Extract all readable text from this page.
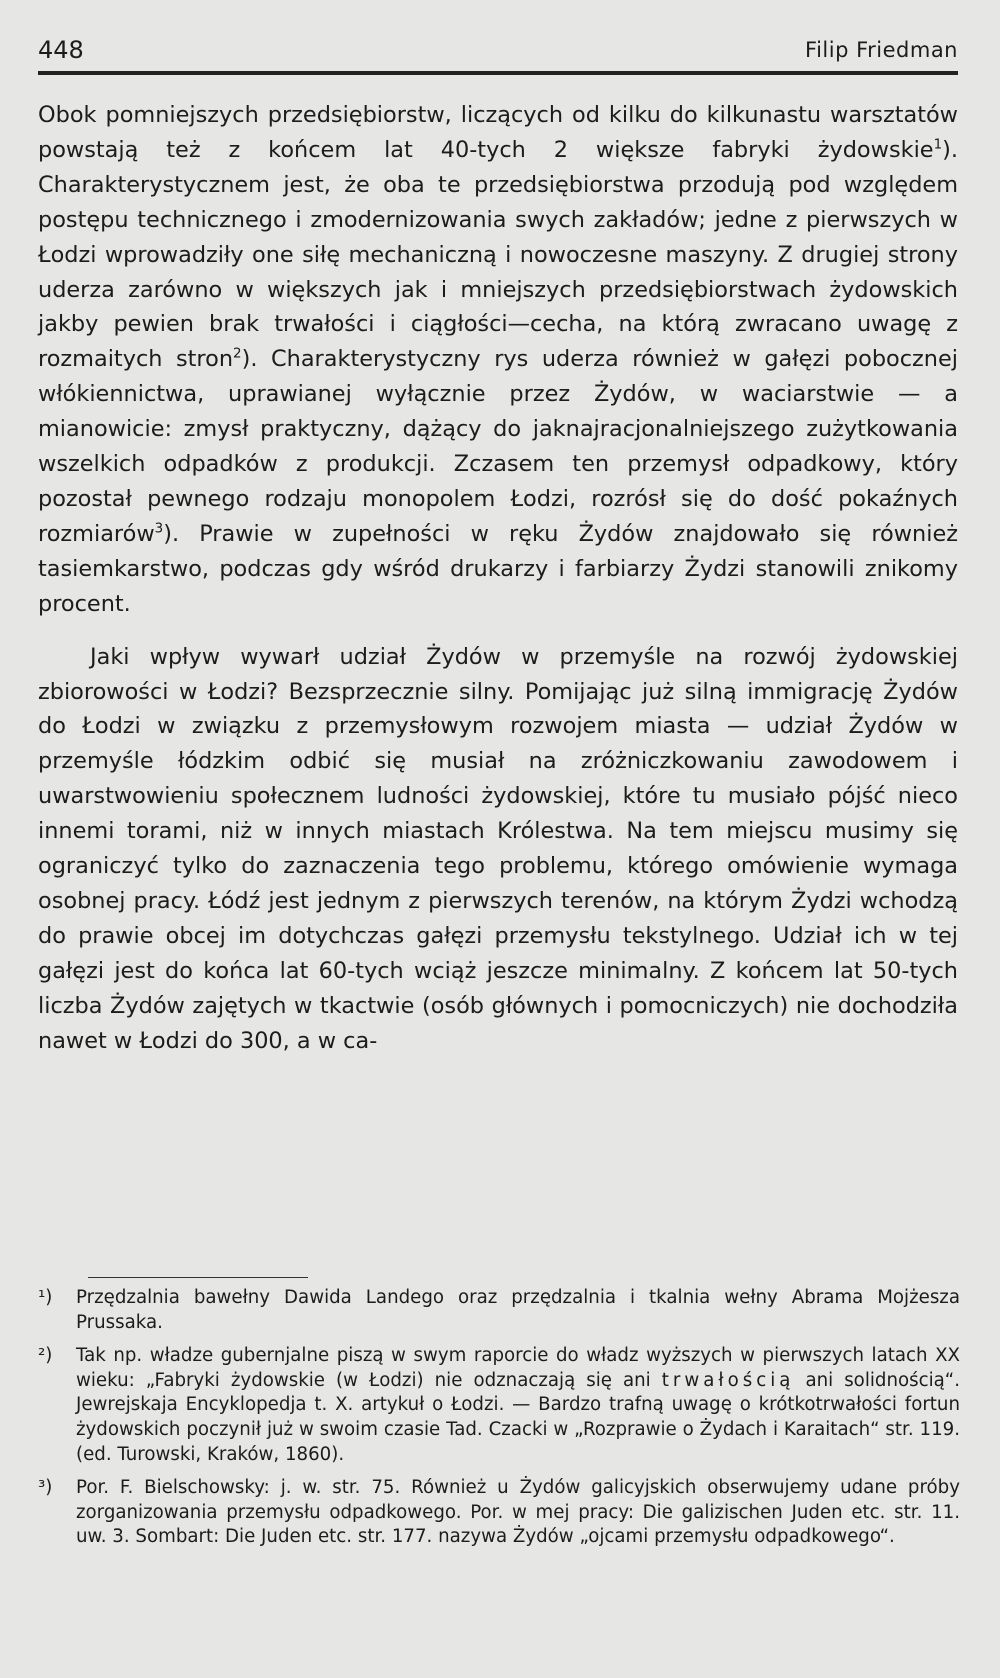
448	Filip Friedman

Obok pomniejszych przedsiębiorstw, liczących od kilku do kilkunastu warsztatów powstają też z końcem lat 40-tych 2 większe fabryki żydowskie$^1$). Charakterystycznem jest, że oba te przedsiębiorstwa przodują pod względem postępu technicznego i zmodernizowania swych zakładów; jedne z pierwszych w Łodzi wprowadziły one siłę mechaniczną i nowoczesne maszyny. Z drugiej strony uderza zarówno w większych jak i mniejszych przedsiębiorstwach żydowskich jakby pewien brak trwałości i ciągłości—cecha, na którą zwracano uwagę z rozmaitych stron$^2$). Charakterystyczny rys uderza również w gałęzi pobocznej włókiennictwa, uprawianej wyłącznie przez Żydów, w waciarstwie — a mianowicie: zmysł praktyczny, dążący do jaknajracjonalniejszego zużytkowania wszelkich odpadków z produkcji. Zczasem ten przemysł odpadkowy, który pozostał pewnego rodzaju monopolem Łodzi, rozrósł się do dość pokaźnych rozmiarów$^3$). Prawie w zupełności w ręku Żydów znajdowało się również tasiemkarstwo, podczas gdy wśród drukarzy i farbiarzy Żydzi stanowili znikomy procent.

Jaki wpływ wywarł udział Żydów w przemyśle na rozwój żydowskiej zbiorowości w Łodzi? Bezsprzecznie silny. Pomijając już silną immigrację Żydów do Łodzi w związku z przemysłowym rozwojem miasta — udział Żydów w przemyśle łódzkim odbić się musiał na zróżniczkowaniu zawodowem i uwarstwowieniu społecznem ludności żydowskiej, które tu musiało pójść nieco innemi torami, niż w innych miastach Królestwa. Na tem miejscu musimy się ograniczyć tylko do zaznaczenia tego problemu, którego omówienie wymaga osobnej pracy. Łódź jest jednym z pierwszych terenów, na którym Żydzi wchodzą do prawie obcej im dotychczas gałęzi przemysłu tekstylnego. Udział ich w tej gałęzi jest do końca lat 60-tych wciąż jeszcze minimalny. Z końcem lat 50-tych liczba Żydów zajętych w tkactwie (osób głównych i pomocniczych) nie dochodziła nawet w Łodzi do 300, a w ca-

¹) Przędzalnia bawełny Dawida Landego oraz przędzalnia i tkalnia wełny Abrama Mojżesza Prussaka.
²) Tak np. władze gubernjalne piszą w swym raporcie do władz wyższych w pierwszych latach XX wieku: „Fabryki żydowskie (w Łodzi) nie odznaczają się ani trwałością ani solidnością“. Jewrejskaja Encyklopedja t. X. artykuł o Łodzi. — Bardzo trafną uwagę o krótkotrwałości fortun żydowskich poczynił już w swoim czasie Tad. Czacki w „Rozprawie o Żydach i Karaitach“ str. 119. (ed. Turowski, Kraków, 1860).
³) Por. F. Bielschowsky: j. w. str. 75. Również u Żydów galicyjskich obserwujemy udane próby zorganizowania przemysłu odpadkowego. Por. w mej pracy: Die galizischen Juden etc. str. 11. uw. 3. Sombart: Die Juden etc. str. 177. nazywa Żydów „ojcami przemysłu odpadkowego“.
